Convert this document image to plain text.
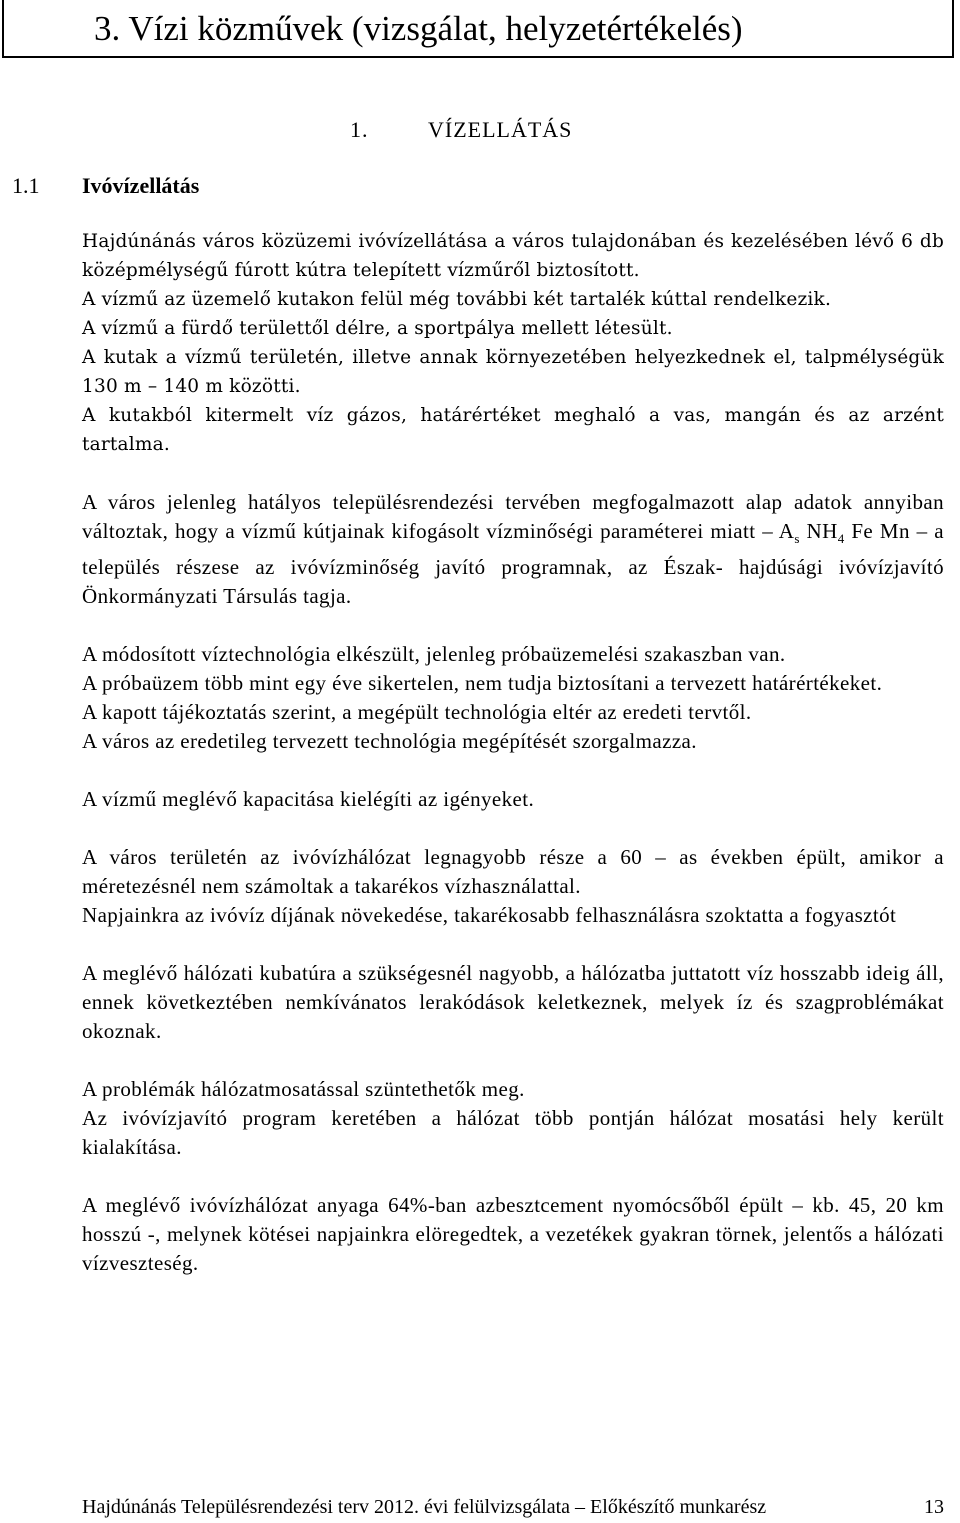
3. Vízi közművek (vizsgálat, helyzetértékelés)
1.	VÍZELLÁTÁS
1.1 Ivóvízellátás

Hajdúnánás város közüzemi ivóvízellátása a város tulajdonában és kezelésében lévő 6 db középmélységű fúrott kútra telepített vízműről biztosított.

A vízmű az üzemelő kutakon felül még további két tartalék kúttal rendelkezik.

A vízmű a fürdő területtől délre, a sportpálya mellett létesült.

A kutak a vízmű területén, illetve annak környezetében helyezkednek el, talpmélységük 130 m – 140 m közötti.

A kutakból kitermelt víz gázos, határértéket meghaló a vas, mangán és az arzént tartalma.

A város jelenleg hatályos településrendezési tervében megfogalmazott alap adatok annyiban változtak, hogy a vízmű kútjainak kifogásolt vízminőségi paraméterei miatt – $A_s$ $NH_4$ Fe Mn – a település részese az ivóvízminőség javító programnak, az Észak- hajdúsági ivóvízjavító Önkormányzati Társulás tagja.

A módosított víztechnológia elkészült, jelenleg próbaüzemelési szakaszban van.

A próbaüzem több mint egy éve sikertelen, nem tudja biztosítani a tervezett határértékeket.

A kapott tájékoztatás szerint, a megépült technológia eltér az eredeti tervtől.

A város az eredetileg tervezett technológia megépítését szorgalmazza.

A vízmű meglévő kapacitása kielégíti az igényeket.

A város területén az ivóvízhálózat legnagyobb része a 60 – as években épült, amikor a méretezésnél nem számoltak a takarékos vízhasználattal.

Napjainkra az ivóvíz díjának növekedése, takarékosabb felhasználásra szoktatta a fogyasztót

A meglévő hálózati kubatúra a szükségesnél nagyobb, a hálózatba juttatott víz hosszabb ideig áll, ennek következtében nemkívánatos lerakódások keletkeznek, melyek íz és szagproblémákat okoznak.

A problémák hálózatmosatással szüntethetők meg.

Az ivóvízjavító program keretében a hálózat több pontján hálózat mosatási hely került kialakítása.

A meglévő ivóvízhálózat anyaga 64%-ban azbesztcement nyomócsőből épült – kb. 45, 20 km hosszú -, melynek kötései napjainkra elöregedtek, a vezetékek gyakran törnek, jelentős a hálózati vízveszteség.

Hajdúnánás Településrendezési terv 2012. évi felülvizsgálata – Előkészítő munkarész	13
